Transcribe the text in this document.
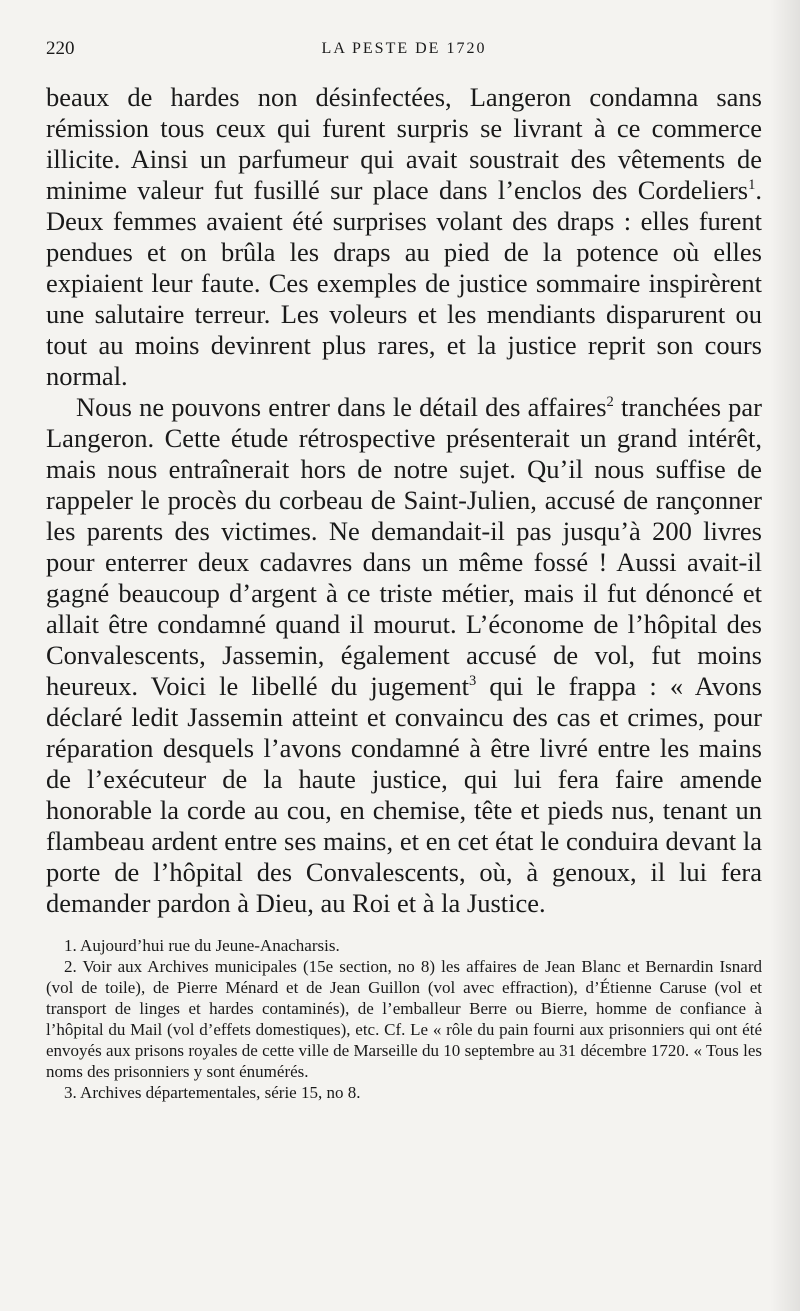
220	LA PESTE DE 1720

beaux de hardes non désinfectées, Langeron condamna sans rémission tous ceux qui furent surpris se livrant à ce commerce illicite. Ainsi un parfumeur qui avait soustrait des vêtements de minime valeur fut fusillé sur place dans l’enclos des Cordeliers$^1$. Deux femmes avaient été surprises volant des draps : elles furent pendues et on brûla les draps au pied de la potence où elles expiaient leur faute. Ces exemples de justice sommaire inspirèrent une salutaire terreur. Les voleurs et les mendiants disparurent ou tout au moins devinrent plus rares, et la justice reprit son cours normal.

Nous ne pouvons entrer dans le détail des affaires$^2$ tranchées par Langeron. Cette étude rétrospective présenterait un grand intérêt, mais nous entraînerait hors de notre sujet. Qu’il nous suffise de rappeler le procès du corbeau de Saint-Julien, accusé de rançonner les parents des victimes. Ne demandait-il pas jusqu’à 200 livres pour enterrer deux cadavres dans un même fossé ! Aussi avait-il gagné beaucoup d’argent à ce triste métier, mais il fut dénoncé et allait être condamné quand il mourut. L’économe de l’hôpital des Convalescents, Jassemin, également accusé de vol, fut moins heureux. Voici le libellé du jugement$^3$ qui le frappa : « Avons déclaré ledit Jassemin atteint et convaincu des cas et crimes, pour réparation desquels l’avons condamné à être livré entre les mains de l’exécuteur de la haute justice, qui lui fera faire amende honorable la corde au cou, en chemise, tête et pieds nus, tenant un flambeau ardent entre ses mains, et en cet état le conduira devant la porte de l’hôpital des Convalescents, où, à genoux, il lui fera demander pardon à Dieu, au Roi et à la Justice.

1. Aujourd’hui rue du Jeune-Anacharsis.

2. Voir aux Archives municipales (15e section, no 8) les affaires de Jean Blanc et Bernardin Isnard (vol de toile), de Pierre Ménard et de Jean Guillon (vol avec effraction), d’Étienne Caruse (vol et transport de linges et hardes contaminés), de l’emballeur Berre ou Bierre, homme de confiance à l’hôpital du Mail (vol d’effets domestiques), etc. Cf. Le « rôle du pain fourni aux prisonniers qui ont été envoyés aux prisons royales de cette ville de Marseille du 10 septembre au 31 décembre 1720. « Tous les noms des prisonniers y sont énumérés.

3. Archives départementales, série 15, no 8.
